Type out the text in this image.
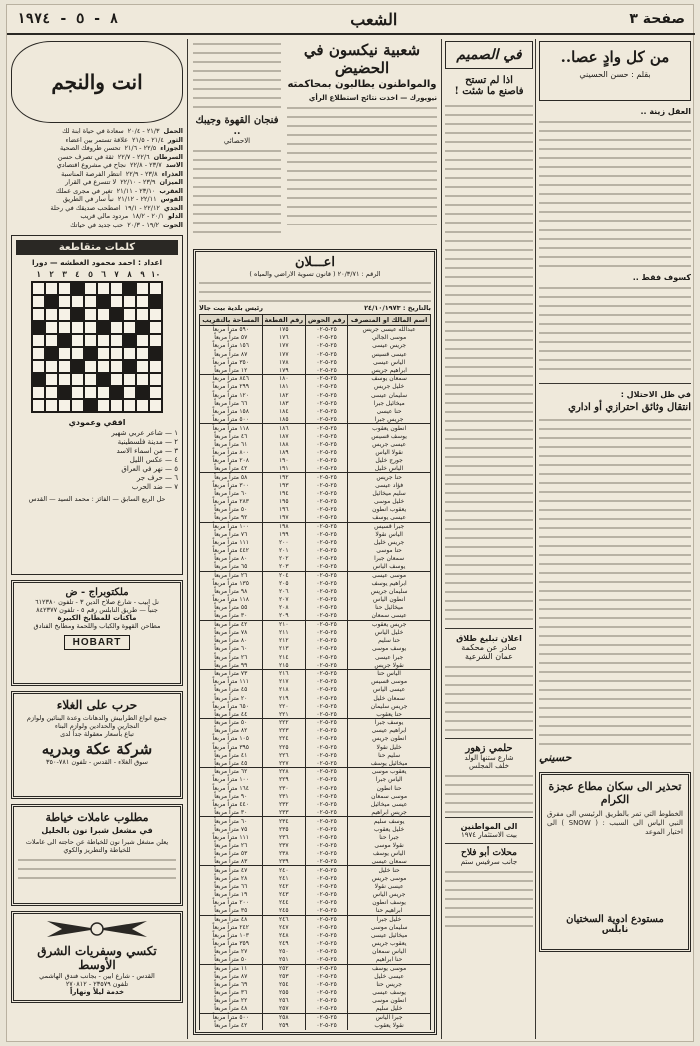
صفحة ٣
الشعب
٨ - ٥ - ١٩٧٤
من كل وادٍ عصا..
بقلم : حسن الحسيني
العقل زينة ..
كسوف فقط ..
في ظل الاحتلال :
انتقال وثائق احترازي أو اداري
حسيني
تحذير الى سكان مطاع عجزة الكرام
الخطوط التي تمر بالطريق الرئيسي الى مفرق النبي الياس الى السبب : ( SNOW ) الى اختيار الموعد
مستودع ادوية السختيان
نابلس
في الصميم
اذا لم تستح
فاصنع ما شئت !
اعلان تبليغ طلاق
صادر عن محكمة
عمان الشرعية
حلمي زهور
شارع ستنها الولد
خلف المجلس
الى المواطنين
بيت الاستثمار ١٩٧٤
محلات أبو فلاح
جانب سرفيس ستم
شعبية نيكسون في الحضيض
والمواطنون يطالبون بمحاكمته
نيويورك — اخذت نتائج استطلاع الرأي
فنجان القهوة وجيبك ..
الاحصائي
اعـــلان
الرقم : ٢٠/٣/٧١ ( قانون تسوية الاراضي والمياه )
بالتاريخ : ٢٤/١٠/١٩٧٣
رئيس بلدية بيت جالا
اسم المالك او المتصرف	رقم الحوض	رقم القطعة	المساحة بالتقريب
عبدالله عيسى جريس	٢٥-٥-٠٢	١٧٥	٥٩٠ متراً مربعاً
موسى الجالي	٢٥-٥-٠٢	١٧٦	٥٧ متراً مربعاً
جريس عيسى	٢٥-٥-٠٢	١٧٧	١٥٦ متراً مربعاً
عيسى قسيس	٢٥-٥-٠٢	١٧٧	٨٧ متراً مربعاً
الياس عيسى	٢٥-٥-٠٢	١٧٨	٣٥٠ متراً مربعاً
ابراهيم جريس	٢٥-٥-٠٢	١٧٩	١٢ متراً مربعاً
سمعان يوسف	٢٥-٥-٠٢	١٨٠	٨٤٦ متراً مربعاً
خليل جريس	٢٥-٥-٠٢	١٨١	٢٩٩ متراً مربعاً
سليمان عيسى	٢٥-٥-٠٢	١٨٢	١٢٠ متراً مربعاً
ميخائيل جبرا	٢٥-٥-٠٢	١٨٣	٦٦ متراً مربعاً
حنا عيسى	٢٥-٥-٠٢	١٨٤	١٥٨ متراً مربعاً
جريس جبرا	٢٥-٥-٠٢	١٨٥	٥٠٠ متراً مربعاً
انطون يعقوب	٢٥-٥-٠٢	١٨٦	١١٨ متراً مربعاً
يوسف قسيس	٢٥-٥-٠٢	١٨٧	٤٦ متراً مربعاً
عيسى جريس	٢٥-٥-٠٢	١٨٨	٦١ متراً مربعاً
نقولا الياس	٢٥-٥-٠٢	١٨٩	٨٠٠ متراً مربعاً
جورج خليل	٢٥-٥-٠٢	١٩٠	٢٠٨ متراً مربعاً
الياس خليل	٢٥-٥-٠٢	١٩١	٤٢ متراً مربعاً
حنا جريس	٢٥-٥-٠٢	١٩٢	٥٨ متراً مربعاً
فؤاد عيسى	٢٥-٥-٠٢	١٩٣	٣٠٠ متراً مربعاً
سليم ميخائيل	٢٥-٥-٠٢	١٩٤	٦٠ متراً مربعاً
خليل موسى	٢٥-٥-٠٢	١٩٥	٢٨٣ متراً مربعاً
يعقوب انطون	٢٥-٥-٠٢	١٩٦	٥٠ متراً مربعاً
عيسى يوسف	٢٥-٥-٠٢	١٩٧	٩٢ متراً مربعاً
جبرا قسيس	٢٥-٥-٠٢	١٩٨	١٠٠ متراً مربعاً
الياس نقولا	٢٥-٥-٠٢	١٩٩	٧٦ متراً مربعاً
جريس خليل	٢٥-٥-٠٢	٢٠٠	١١١ متراً مربعاً
حنا موسى	٢٥-٥-٠٢	٢٠١	٤٤٢ متراً مربعاً
سمعان جبرا	٢٥-٥-٠٢	٢٠٢	٨٠ متراً مربعاً
يوسف الياس	٢٥-٥-٠٢	٢٠٣	٦٥ متراً مربعاً
موسى عيسى	٢٥-٥-٠٢	٢٠٤	٢٦ متراً مربعاً
ابراهيم يوسف	٢٥-٥-٠٢	٢٠٥	١٣٥ متراً مربعاً
سليمان جريس	٢٥-٥-٠٢	٢٠٦	٩٨ متراً مربعاً
انطون الياس	٢٥-٥-٠٢	٢٠٧	١١٨ متراً مربعاً
ميخائيل حنا	٢٥-٥-٠٢	٢٠٨	٥٥ متراً مربعاً
عيسى سمعان	٢٥-٥-٠٢	٢٠٩	٣٠ متراً مربعاً
جريس يعقوب	٢٥-٥-٠٢	٢١٠	٤٢ متراً مربعاً
خليل الياس	٢٥-٥-٠٢	٢١١	٧٨ متراً مربعاً
حنا سليم	٢٥-٥-٠٢	٢١٢	٨٠ متراً مربعاً
يوسف موسى	٢٥-٥-٠٢	٢١٣	٦٠ متراً مربعاً
جبرا عيسى	٢٥-٥-٠٢	٢١٤	٢٦ متراً مربعاً
نقولا جريس	٢٥-٥-٠٢	٢١٥	٩٩ متراً مربعاً
الياس حنا	٢٥-٥-٠٢	٢١٦	٧٣ متراً مربعاً
موسى قسيس	٢٥-٥-٠٢	٢١٧	١١١ متراً مربعاً
عيسى الياس	٢٥-٥-٠٢	٢١٨	٤٥ متراً مربعاً
سمعان خليل	٢٥-٥-٠٢	٢١٩	٢٠ متراً مربعاً
جريس سليمان	٢٥-٥-٠٢	٢٢٠	٦٥٠ متراً مربعاً
حنا يعقوب	٢٥-٥-٠٢	٢٢١	٤٤ متراً مربعاً
يوسف جبرا	٢٥-٥-٠٢	٢٢٢	٥٠ متراً مربعاً
ابراهيم عيسى	٢٥-٥-٠٢	٢٢٣	٨٢ متراً مربعاً
انطون جريس	٢٥-٥-٠٢	٢٢٤	١٠٥ متراً مربعاً
خليل نقولا	٢٥-٥-٠٢	٢٢٥	٣٩٥ متراً مربعاً
سليم حنا	٢٥-٥-٠٢	٢٢٦	٤١ متراً مربعاً
ميخائيل يوسف	٢٥-٥-٠٢	٢٢٧	٤٥ متراً مربعاً
يعقوب موسى	٢٥-٥-٠٢	٢٢٨	٦٢ متراً مربعاً
الياس جبرا	٢٥-٥-٠٢	٢٢٩	١٠٠ متراً مربعاً
حنا انطون	٢٥-٥-٠٢	٢٣٠	١٦٤ متراً مربعاً
موسى سمعان	٢٥-٥-٠٢	٢٣١	٩٠ متراً مربعاً
عيسى ميخائيل	٢٥-٥-٠٢	٢٣٢	٤٤٠ متراً مربعاً
جريس ابراهيم	٢٥-٥-٠٢	٢٣٣	٣٠ متراً مربعاً
يوسف سليم	٢٥-٥-٠٢	٢٣٤	٦٠ متراً مربعاً
خليل يعقوب	٢٥-٥-٠٢	٢٣٥	٧٥ متراً مربعاً
جبرا حنا	٢٥-٥-٠٢	٢٣٦	١١١ متراً مربعاً
نقولا موسى	٢٥-٥-٠٢	٢٣٧	٢٦ متراً مربعاً
الياس يوسف	٢٥-٥-٠٢	٢٣٨	٥٣ متراً مربعاً
سمعان عيسى	٢٥-٥-٠٢	٢٣٩	٨٣ متراً مربعاً
حنا خليل	٢٥-٥-٠٢	٢٤٠	٤٧ متراً مربعاً
موسى جريس	٢٥-٥-٠٢	٢٤١	٢٨ متراً مربعاً
عيسى نقولا	٢٥-٥-٠٢	٢٤٢	٦٦ متراً مربعاً
جريس الياس	٢٥-٥-٠٢	٢٤٣	١٩ متراً مربعاً
يوسف انطون	٢٥-٥-٠٢	٢٤٤	٢٠٠ متراً مربعاً
ابراهيم حنا	٢٥-٥-٠٢	٢٤٥	٣٥ متراً مربعاً
خليل جبرا	٢٥-٥-٠٢	٢٤٦	٤٨ متراً مربعاً
سليمان موسى	٢٥-٥-٠٢	٢٤٧	٢٤٢ متراً مربعاً
ميخائيل عيسى	٢٥-٥-٠٢	٢٤٨	١٠٣ متراً مربعاً
يعقوب جريس	٢٥-٥-٠٢	٢٤٩	٣٥٩ متراً مربعاً
الياس سمعان	٢٥-٥-٠٢	٢٥٠	٢٧ متراً مربعاً
حنا ابراهيم	٢٥-٥-٠٢	٢٥١	٥٠ متراً مربعاً
موسى يوسف	٢٥-٥-٠٢	٢٥٢	١١ متراً مربعاً
عيسى خليل	٢٥-٥-٠٢	٢٥٣	٨٧ متراً مربعاً
جريس حنا	٢٥-٥-٠٢	٢٥٤	٦٩ متراً مربعاً
يوسف عيسى	٢٥-٥-٠٢	٢٥٥	٣٦ متراً مربعاً
انطون موسى	٢٥-٥-٠٢	٢٥٦	٢٢ متراً مربعاً
خليل سليم	٢٥-٥-٠٢	٢٥٧	٤٨ متراً مربعاً
جبرا الياس	٢٥-٥-٠٢	٢٥٨	٥٠٠ متراً مربعاً
نقولا يعقوب	٢٥-٥-٠٢	٢٥٩	٤٢ متراً مربعاً
انت والنجم
الحمل
٢١/٣ - ٢٠/٤
سعادة في حياة ابنة لك
الثور
٢١/٤ - ٢١/٥
علاقة تستمر بين اعضاء
الجوزاء
٢٢/٥ - ٢١/٦
تحسن ظروفك الصحية
السرطان
٢٢/٦ - ٢٢/٧
ثقة في تصرف حسن
الاسد
٢٣/٧ - ٢٢/٨
نجاح في مشروع اقتصادي
العذراء
٢٣/٨ - ٢٢/٩
انتظر الفرصة المناسبة
الميزان
٢٣/٩ - ٢٢/١٠
لا تتسرع في القرار
العقرب
٢٣/١٠ - ٢١/١١
تغير في مجرى عملك
القوس
٢٢/١١ - ٢١/١٢
نبأ سار في الطريق
الجدي
٢٢/١٢ - ١٩/١
اصطحب صديقك في رحلة
الدلو
٢٠/١ - ١٨/٢
مردود مالي قريب
الحوت
١٩/٢ - ٢٠/٣
حب جديد في حياتك
كلمات متقاطعة
اعداد : احمد محمود الغطشه — دورا
١	٢	٣	٤	٥	٦	٧	٨	٩ ١٠
افقي وعمودي
١ — شاعر عربي شهير
٢ — مدينة فلسطينية
٣ — من اسماء الاسد
٤ — عكس الليل
٥ — نهر في العراق
٦ — حرف جر
٧ — ضد الحرب
حل الربع السابق — الفائز : محمد السيد — القدس
ملكتوبراج - ض
نل ابيب - شارع صلاح الدين ٣ - تلفون ٦١٢٣٨٠
جنباً — طريق النابلس رقم ٥ - تلفون ٨٤٢٣٧٧
ماكنات للمطابخ الكبيرة
مطاحن القهوة والكباب واللحمة ومطابخ الفنادق
HOBART
حرب على الغلاء
جميع انواع الطرابيش والدهانات وعدة البنائين ولوازم النجارين والحدادين ولوازم البناء
تباع بأسعار معقولة جداً لدى
شركة عكة وبدريه
سوق الغلاء - القدس - تلفون ٧٨١-٣٥٠
مطلوب عاملات خياطة
في مشغل شبرا نون بالخليل
يعلن مشغل شبرا نون للخياطة عن حاجته الى عاملات للخياطة والتطريز والكوي
تكسي وسفريات الشرق الأوسط
القدس - شارع ابين - بجانب فندق الهاشمي
تلفون ٢٣٥٧٩ - ٢٧٠٨١٢
خدمة ليلاً ونهاراً
